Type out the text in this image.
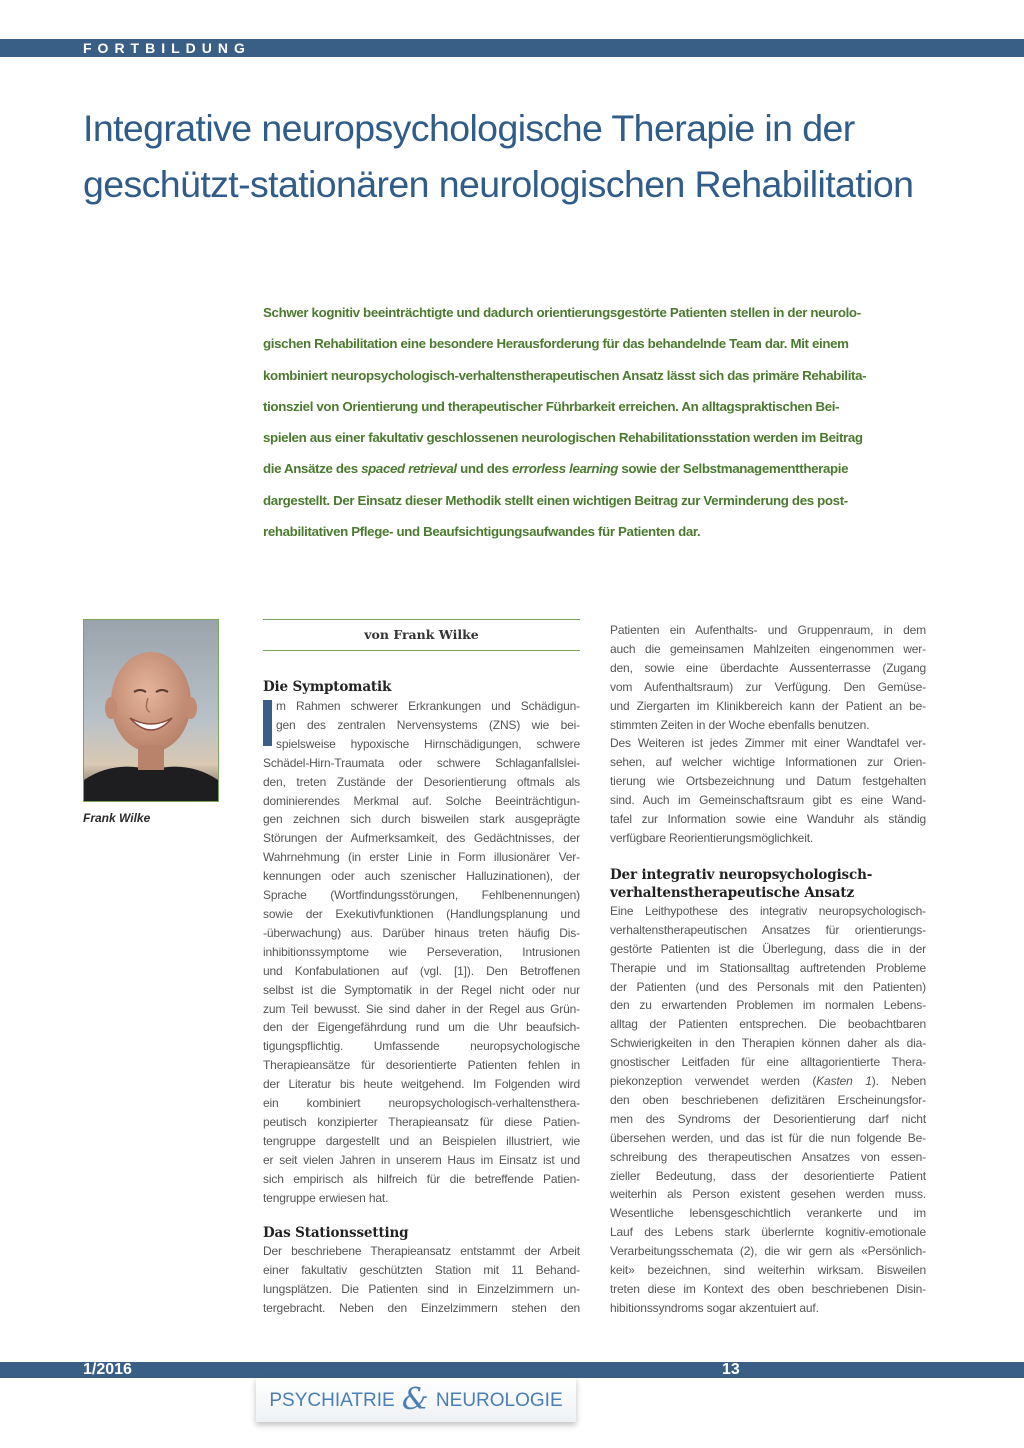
FORTBILDUNG
Integrative neuropsychologische Therapie in der
geschützt-stationären neurologischen Rehabilitation
Schwer kognitiv beeinträchtigte und dadurch orientierungsgestörte Patienten stellen in der neurolo-
gischen Rehabilitation eine besondere Herausforderung für das behandelnde Team dar. Mit einem
kombiniert neuropsychologisch-verhaltenstherapeutischen Ansatz lässt sich das primäre Rehabilita-
tionsziel von Orientierung und therapeutischer Führbarkeit erreichen. An alltagspraktischen Bei-
spielen aus einer fakultativ geschlossenen neurologischen Rehabilitationsstation werden im Beitrag
die Ansätze des spaced retrieval und des errorless learning sowie der Selbstmanagementtherapie
dargestellt. Der Einsatz dieser Methodik stellt einen wichtigen Beitrag zur Verminderung des post-
rehabilitativen Pflege- und Beaufsichtigungsaufwandes für Patienten dar.
Frank Wilke
von Frank Wilke
Die Symptomatik
m Rahmen schwerer Erkrankungen und Schädigun-
gen des zentralen Nervensystems (ZNS) wie bei-
spielsweise hypoxische Hirnschädigungen, schwere
Schädel-Hirn-Traumata oder schwere Schlaganfallslei-
den, treten Zustände der Desorientierung oftmals als
dominierendes Merkmal auf. Solche Beeinträchtigun-
gen zeichnen sich durch bisweilen stark ausgeprägte
Störungen der Aufmerksamkeit, des Gedächtnisses, der
Wahrnehmung (in erster Linie in Form illusionärer Ver-
kennungen oder auch szenischer Halluzinationen), der
Sprache (Wortfindungsstörungen, Fehlbenennungen)
sowie der Exekutivfunktionen (Handlungsplanung und
-überwachung) aus. Darüber hinaus treten häufig Dis-
inhibitionssymptome wie Perseveration, Intrusionen
und Konfabulationen auf (vgl. [1]). Den Betroffenen
selbst ist die Symptomatik in der Regel nicht oder nur
zum Teil bewusst. Sie sind daher in der Regel aus Grün-
den der Eigengefährdung rund um die Uhr beaufsich-
tigungspflichtig. Umfassende neuropsychologische
Therapieansätze für desorientierte Patienten fehlen in
der Literatur bis heute weitgehend. Im Folgenden wird
ein kombiniert neuropsychologisch-verhaltensthera-
peutisch konzipierter Therapieansatz für diese Patien-
tengruppe dargestellt und an Beispielen illustriert, wie
er seit vielen Jahren in unserem Haus im Einsatz ist und
sich empirisch als hilfreich für die betreffende Patien-
tengruppe erwiesen hat.
Das Stationssetting
Der beschriebene Therapieansatz entstammt der Arbeit
einer fakultativ geschützten Station mit 11 Behand-
lungsplätzen. Die Patienten sind in Einzelzimmern un-
tergebracht. Neben den Einzelzimmern stehen den
Patienten ein Aufenthalts- und Gruppenraum, in dem
auch die gemeinsamen Mahlzeiten eingenommen wer-
den, sowie eine überdachte Aussenterrasse (Zugang
vom Aufenthaltsraum) zur Verfügung. Den Gemüse-
und Ziergarten im Klinikbereich kann der Patient an be-
stimmten Zeiten in der Woche ebenfalls benutzen.
Des Weiteren ist jedes Zimmer mit einer Wandtafel ver-
sehen, auf welcher wichtige Informationen zur Orien-
tierung wie Ortsbezeichnung und Datum festgehalten
sind. Auch im Gemeinschaftsraum gibt es eine Wand-
tafel zur Information sowie eine Wanduhr als ständig
verfügbare Reorientierungsmöglichkeit.
Der integrativ neuropsychologisch-
verhaltenstherapeutische Ansatz
Eine Leithypothese des integrativ neuropsychologisch-
verhaltenstherapeutischen Ansatzes für orientierungs-
gestörte Patienten ist die Überlegung, dass die in der
Therapie und im Stationsalltag auftretenden Probleme
der Patienten (und des Personals mit den Patienten)
den zu erwartenden Problemen im normalen Lebens-
alltag der Patienten entsprechen. Die beobachtbaren
Schwierigkeiten in den Therapien können daher als dia-
gnostischer Leitfaden für eine alltagorientierte Thera-
piekonzeption verwendet werden (Kasten 1). Neben
den oben beschriebenen defizitären Erscheinungsfor-
men des Syndroms der Desorientierung darf nicht
übersehen werden, und das ist für die nun folgende Be-
schreibung des therapeutischen Ansatzes von essen-
zieller Bedeutung, dass der desorientierte Patient
weiterhin als Person existent gesehen werden muss.
Wesentliche lebensgeschichtlich verankerte und im
Lauf des Lebens stark überlernte kognitiv-emotionale
Verarbeitungsschemata (2), die wir gern als «Persönlich-
keit» bezeichnen, sind weiterhin wirksam. Bisweilen
treten diese im Kontext des oben beschriebenen Disin-
hibitionssyndroms sogar akzentuiert auf.
1/2016	13
PSYCHIATRIE & NEUROLOGIE
